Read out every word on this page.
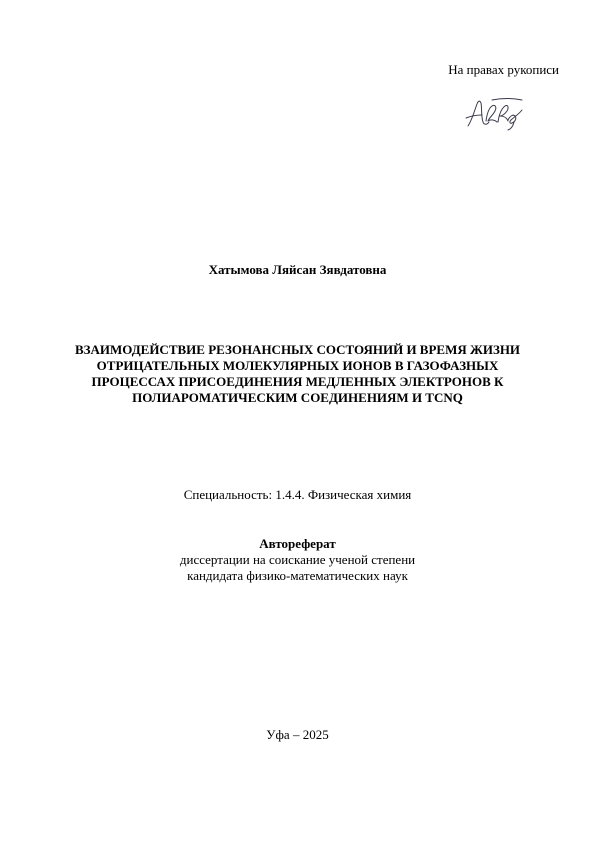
На правах рукописи
Хатымова Ляйсан Зявдатовна
ВЗАИМОДЕЙСТВИЕ РЕЗОНАНСНЫХ СОСТОЯНИЙ И ВРЕМЯ ЖИЗНИ
ОТРИЦАТЕЛЬНЫХ МОЛЕКУЛЯРНЫХ ИОНОВ В ГАЗОФАЗНЫХ
ПРОЦЕССАХ ПРИСОЕДИНЕНИЯ МЕДЛЕННЫХ ЭЛЕКТРОНОВ К
ПОЛИАРОМАТИЧЕСКИМ СОЕДИНЕНИЯМ И TCNQ
Специальность: 1.4.4. Физическая химия
Автореферат
диссертации на соискание ученой степени
кандидата физико-математических наук
Уфа – 2025
